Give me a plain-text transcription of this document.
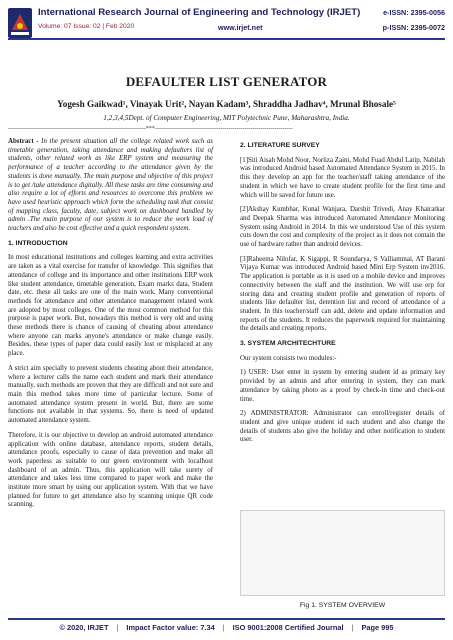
International Research Journal of Engineering and Technology (IRJET)	e-ISSN: 2395-0056
Volume: 07 Issue: 02 | Feb 2020	www.irjet.net	p-ISSN: 2395-0072
DEFAULTER LIST GENERATOR
Yogesh Gaikwad¹, Vinayak Urit², Nayan Kadam³, Shraddha Jadhav⁴, Mrunal Bhosale⁵
1,2,3,4,5Dept. of Computer Engineering, MIT Polytechnic Pune, Maharashtra, India.
---------------------------------------------------------------------***---------------------------------------------------------------------

Abstract - In the present situation all the college related work such as timetable generation, taking attendance and making defaulters list of students, other related work as like ERP system and measuring the performance of a teacher according to the attendance given by the students is done manually. The main purpose and objective of this project is to get /take attendance digitally. All these tasks are time consuming and also require a lot of efforts and resources to overcome this problem we have used heuristic approach which form the scheduling task that consist of mapping class, faculty, date, subject work on dashboard handled by admin .The main purpose of our system is to reduce the work load of teachers and also be cost effective and a quick respondent system.

1. INTRODUCTION

In most educational institutions and colleges learning and extra activities are taken as a vital exercise for transfer of knowledge. This signifies that attendance of college and its importance and other institutions ERP work like student attendance, timetable generation, Exam marks data, Student date, etc. these all tasks are one of the main work. Many conventional methods for attendance and other attendance management related work are adopted by most colleges. One of the most common method for this purpose is paper work. But, nowadays this method is very old and using these methods there is chance of causing of cheating about attendance where anyone can marks anyone's attendance or make change easily. Besides, these types of paper data could easily lost or misplaced at any place.

A strict aim specially to prevent students cheating about their attendance, where a lecturer calls the name each student and mark their attendance manually, such methods are proven that they are difficult and not sure and main this method takes more time of particular lecture. Some of automated attendance system present in world. But, there are some functions not available in that systems. So, there is need of updated automated attendance system.

Therefore, it is our objective to develop an android automated attendance application with online database, attendance reports, student details, attendance proofs, especially to cause of data prevention and make all work paperless as suitable to our green environment with localhost dashboard of an admin. Thus, this application will take surety of attendance and takes less time compared to paper work and make the institute more smart by using our application system. With that we have planned for future to get attendance also by scanning unique QR code scanning.

2. LITERATURE SURVEY

[1]Siti Aisah Mohd Noor, Norliza Zaini, Mohd Fuad Abdul Latip, Nabilah was introduced Android based Automated Attendance System in 2015. In this they develop an app for the teacher/staff taking attendance of the student in which we have to create student profile for the first time and which will be saved for future use.

[2]Akshay Kumbhar, Kunal Wanjara, Darshit Trivedi, Anay Khairatkar and Deepak Sharma was introduced Automated Attendance Monitoring System using Android in 2014. In this we understood Use of this system cuts down the cost and complexity of the project as it does not contain the use of hardware rather than android devices.

[3]Raheema Nilofar, K Sigappi, R Soundarya, S Valliammai, AT Barani Vijaya Kumar was introduced Android based Mini Erp System inv2016. The application is portable as it is used on a mobile device and improves connectivity between the staff and the institution. We will use erp for storing data and creating student profile and generation of reports of students like defaulter list, detention list and record of attendance of a student. In this teacher/staff can add, delete and update information and reports of the students. It reduces the paperwork required for maintaining the details and creating reports.

3. SYSTEM ARCHITECHTURE

Our system consists two modules:-

1) USER: User enter in system by entering student id as primary key provided by an admin and after entering in system, they can mark attendance by taking photo as a proof by check-in time and check-out time.

2) ADMINISTRATOR: Administrator can enroll/register details of student and give unique student id each student and also change the details of students also give the holiday and other notification to student user.

Fig 1. SYSTEM OVERVIEW
© 2020, IRJET | Impact Factor value: 7.34 | ISO 9001:2008 Certified Journal | Page 995
